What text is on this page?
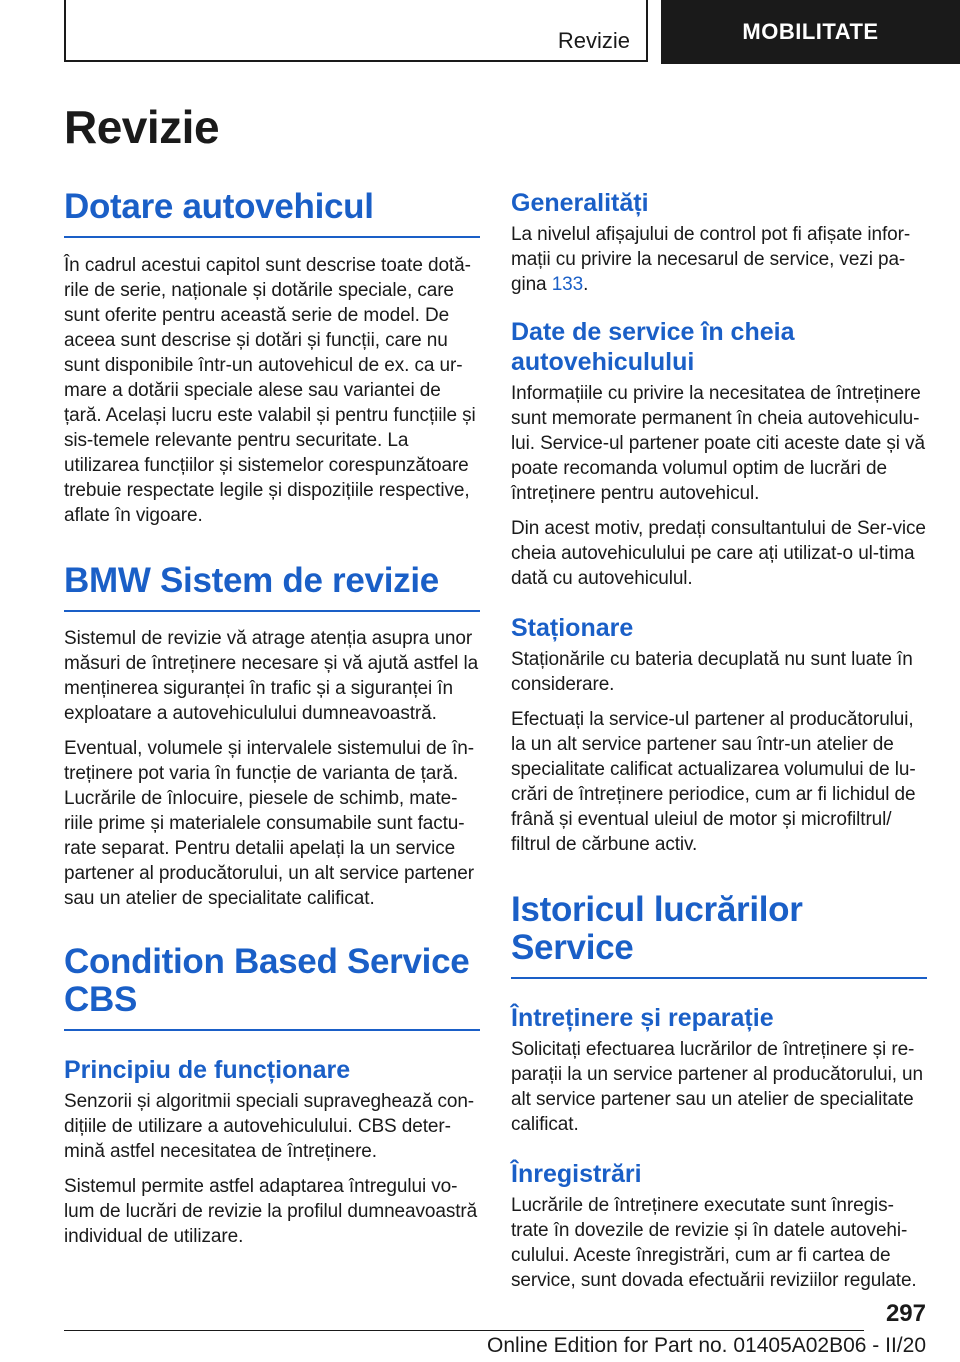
Revizie	MOBILITATE
Revizie
Dotare autovehicul

În cadrul acestui capitol sunt descrise toate dotă-rile de serie, naționale și dotările speciale, care sunt oferite pentru această serie de model. De aceea sunt descrise și dotări și funcții, care nu sunt disponibile într-un autovehicul de ex. ca ur-mare a dotării speciale alese sau variantei de țară. Același lucru este valabil și pentru funcțiile și sis-temele relevante pentru securitate. La utilizarea funcțiilor și sistemelor corespunzătoare trebuie respectate legile și dispozițiile respective, aflate în vigoare.

BMW Sistem de revizie

Sistemul de revizie vă atrage atenția asupra unor măsuri de întreținere necesare și vă ajută astfel la menținerea siguranței în trafic și a siguranței în exploatare a autovehiculului dumneavoastră.

Eventual, volumele și intervalele sistemului de în-treținere pot varia în funcție de varianta de țară. Lucrările de înlocuire, piesele de schimb, mate-riile prime și materialele consumabile sunt factu-rate separat. Pentru detalii apelați la un service partener al producătorului, un alt service partener sau un atelier de specialitate calificat.

Condition Based Service CBS
Principiu de funcționare

Senzorii și algoritmii speciali supraveghează con-dițiile de utilizare a autovehiculului. CBS deter-mină astfel necesitatea de întreținere.

Sistemul permite astfel adaptarea întregului vo-lum de lucrări de revizie la profilul dumneavoastră individual de utilizare.

Generalități

La nivelul afișajului de control pot fi afișate infor-mații cu privire la necesarul de service, vezi pa-gina 133.

Date de service în cheia autovehiculului

Informațiile cu privire la necesitatea de întreținere sunt memorate permanent în cheia autovehiculu-lui. Service-ul partener poate citi aceste date și vă poate recomanda volumul optim de lucrări de întreținere pentru autovehicul.

Din acest motiv, predați consultantului de Ser-vice cheia autovehiculului pe care ați utilizat-o ul-tima dată cu autovehiculul.

Staționare

Staționările cu bateria decuplată nu sunt luate în considerare.

Efectuați la service-ul partener al producătorului, la un alt service partener sau într-un atelier de specialitate calificat actualizarea volumului de lu-crări de întreținere periodice, cum ar fi lichidul de frână și eventual uleiul de motor și microfiltrul/ filtrul de cărbune activ.

Istoricul lucrărilor Service
Întreținere și reparație

Solicitați efectuarea lucrărilor de întreținere și re-parații la un service partener al producătorului, un alt service partener sau un atelier de specialitate calificat.

Înregistrări

Lucrările de întreținere executate sunt înregis-trate în dovezile de revizie și în datele autovehi-culului. Aceste înregistrări, cum ar fi cartea de service, sunt dovada efectuării reviziilor regulate.

297
Online Edition for Part no. 01405A02B06 - II/20
